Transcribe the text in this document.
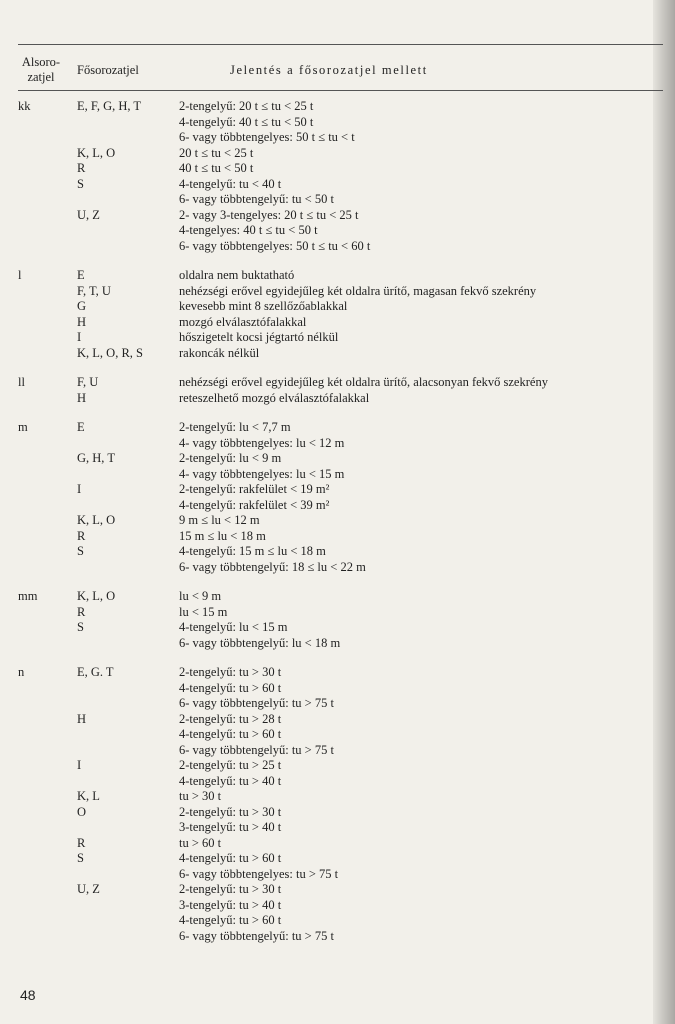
Alsoro-
zatjel	Fősorozatjel	Jelentés a fősorozatjel mellett
kk	E, F, G, H, T	2-tengelyű: 20 t ≤ tu < 25 t
4-tengelyű: 40 t ≤ tu < 50 t
6- vagy többtengelyes: 50 t ≤ tu < t
K, L, O	20 t ≤ tu < 25 t
R	40 t ≤ tu < 50 t
S	4-tengelyű: tu < 40 t
6- vagy többtengelyű: tu < 50 t
U, Z	2- vagy 3-tengelyes: 20 t ≤ tu < 25 t
4-tengelyes: 40 t ≤ tu < 50 t
6- vagy többtengelyes: 50 t ≤ tu < 60 t
l	E	oldalra nem buktatható
F, T, U	nehézségi erővel egyidejűleg két oldalra ürítő, magasan fekvő szekrény
G	kevesebb mint 8 szellőzőablakkal
H	mozgó elválasztófalakkal
I	hőszigetelt kocsi jégtartó nélkül
K, L, O, R, S	rakoncák nélkül
ll	F, U	nehézségi erővel egyidejűleg két oldalra ürítő, alacsonyan fekvő szekrény
H	reteszelhető mozgó elválasztófalakkal
m	E	2-tengelyű: lu < 7,7 m
4- vagy többtengelyes: lu < 12 m
G, H, T	2-tengelyű: lu < 9 m
4- vagy többtengelyes: lu < 15 m
I	2-tengelyű: rakfelület < 19 m²
4-tengelyű: rakfelület < 39 m²
K, L, O	9 m ≤ lu < 12 m
R	15 m ≤ lu < 18 m
S	4-tengelyű: 15 m ≤ lu < 18 m
6- vagy többtengelyű: 18 ≤ lu < 22 m
mm	K, L, O	lu < 9 m
R	lu < 15 m
S	4-tengelyű: lu < 15 m
6- vagy többtengelyű: lu < 18 m
n	E, G. T	2-tengelyű: tu > 30 t
4-tengelyű: tu > 60 t
6- vagy többtengelyű: tu > 75 t
H	2-tengelyű: tu > 28 t
4-tengelyű: tu > 60 t
6- vagy többtengelyű: tu > 75 t
I	2-tengelyű: tu > 25 t
4-tengelyű: tu > 40 t
K, L	tu > 30 t
O	2-tengelyű: tu > 30 t
3-tengelyű: tu > 40 t
R	tu > 60 t
S	4-tengelyű: tu > 60 t
6- vagy többtengelyes: tu > 75 t
U, Z	2-tengelyű: tu > 30 t
3-tengelyű: tu > 40 t
4-tengelyű: tu > 60 t
6- vagy többtengelyű: tu > 75 t
48
